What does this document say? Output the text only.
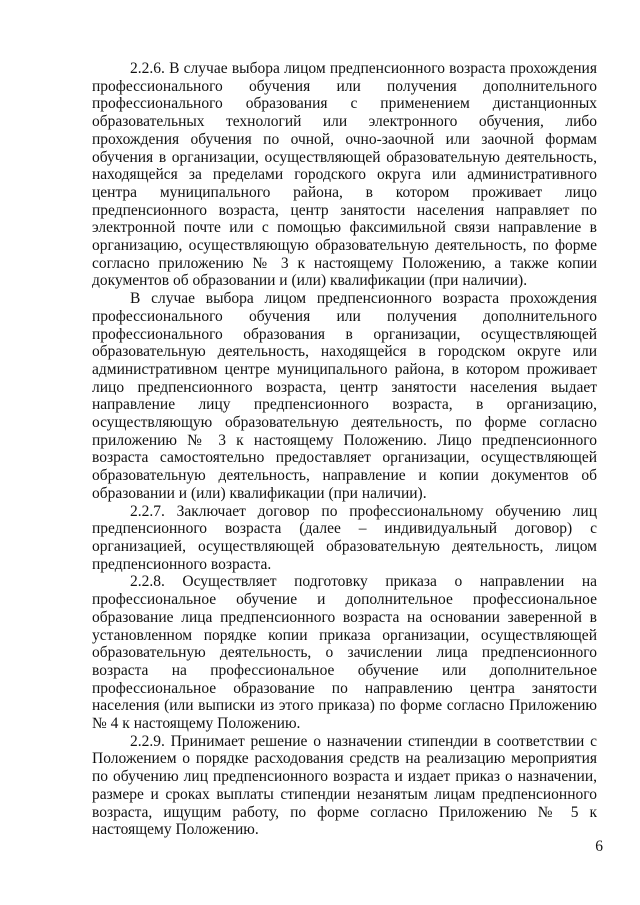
2.2.6. В случае выбора лицом предпенсионного возраста прохождения профессионального обучения или получения дополнительного профессионального образования с применением дистанционных образовательных технологий или электронного обучения, либо прохождения обучения по очной, очно-заочной или заочной формам обучения в организации, осуществляющей образовательную деятельность, находящейся за пределами городского округа или административного центра муниципального района, в котором проживает лицо предпенсионного возраста, центр занятости населения направляет по электронной почте или с помощью факсимильной связи направление в организацию, осуществляющую образовательную деятельность, по форме согласно приложению № 3 к настоящему Положению, а также копии документов об образовании и (или) квалификации (при наличии).

В случае выбора лицом предпенсионного возраста прохождения профессионального обучения или получения дополнительного профессионального образования в организации, осуществляющей образовательную деятельность, находящейся в городском округе или административном центре муниципального района, в котором проживает лицо предпенсионного возраста, центр занятости населения выдает направление лицу предпенсионного возраста, в организацию, осуществляющую образовательную деятельность, по форме согласно приложению № 3 к настоящему Положению. Лицо предпенсионного возраста самостоятельно предоставляет организации, осуществляющей образовательную деятельность, направление и копии документов об образовании и (или) квалификации (при наличии).

2.2.7. Заключает договор по профессиональному обучению лиц предпенсионного возраста (далее – индивидуальный договор) с организацией, осуществляющей образовательную деятельность, лицом предпенсионного возраста.

2.2.8. Осуществляет подготовку приказа о направлении на профессиональное обучение и дополнительное профессиональное образование лица предпенсионного возраста на основании заверенной в установленном порядке копии приказа организации, осуществляющей образовательную деятельность, о зачислении лица предпенсионного возраста на профессиональное обучение или дополнительное профессиональное образование по направлению центра занятости населения (или выписки из этого приказа) по форме согласно Приложению № 4 к настоящему Положению.

2.2.9. Принимает решение о назначении стипендии в соответствии с Положением о порядке расходования средств на реализацию мероприятия по обучению лиц предпенсионного возраста и издает приказ о назначении, размере и сроках выплаты стипендии незанятым лицам предпенсионного возраста, ищущим работу, по форме согласно Приложению № 5 к настоящему Положению.

6
